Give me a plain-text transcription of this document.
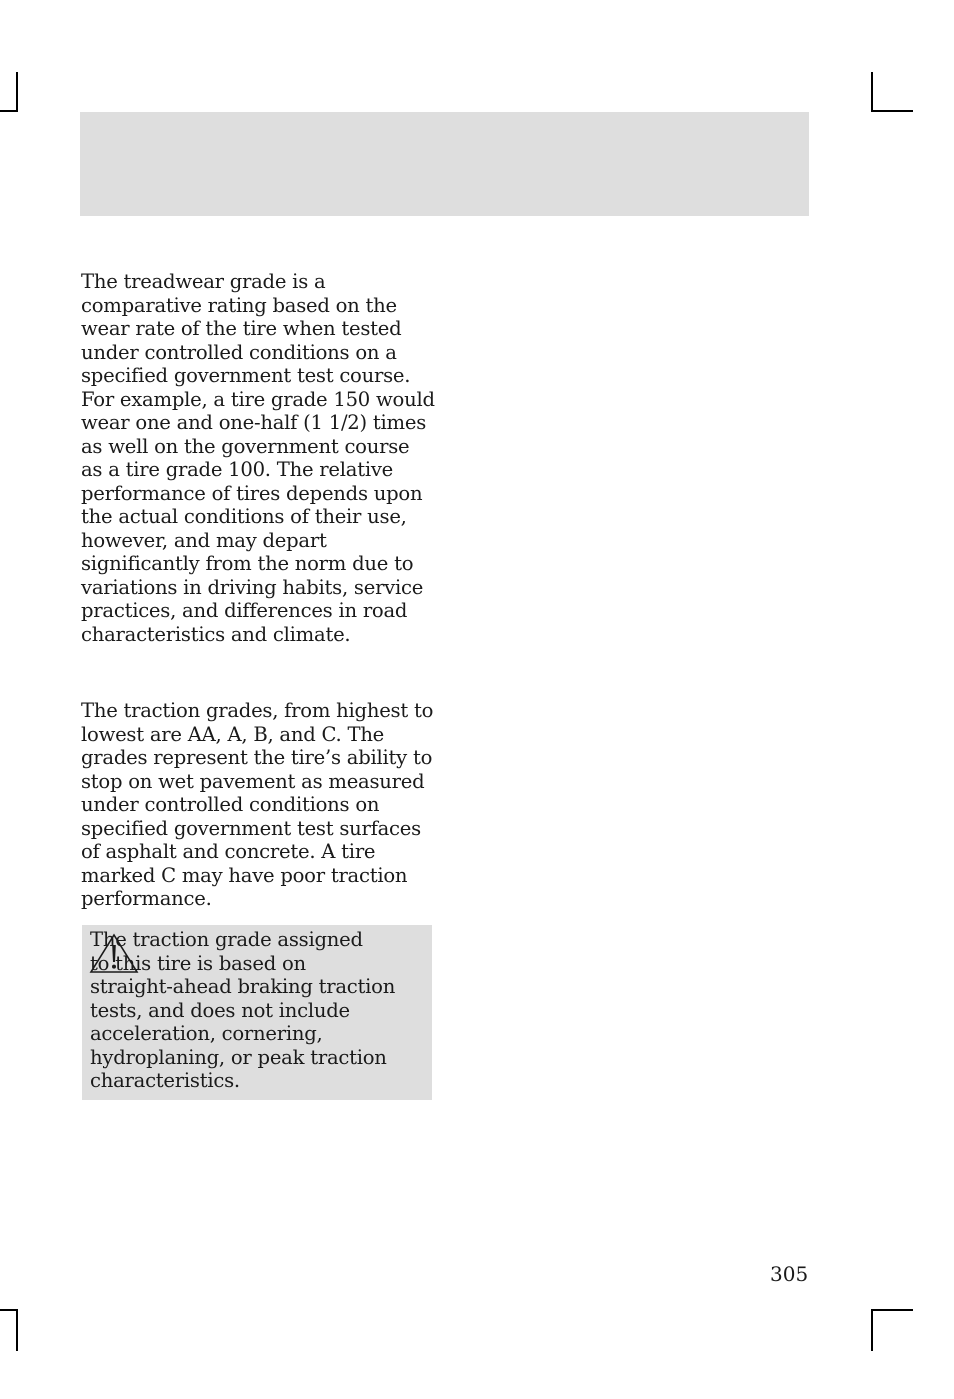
The treadwear grade is a
comparative rating based on the
wear rate of the tire when tested
under controlled conditions on a
specified government test course.
For example, a tire grade 150 would
wear one and one-half (1 1/2) times
as well on the government course
as a tire grade 100. The relative
performance of tires depends upon
the actual conditions of their use,
however, and may depart
significantly from the norm due to
variations in driving habits, service
practices, and differences in road
characteristics and climate.

The traction grades, from highest to
lowest are AA, A, B, and C. The
grades represent the tire’s ability to
stop on wet pavement as measured
under controlled conditions on
specified government test surfaces
of asphalt and concrete. A tire
marked C may have poor traction
performance.

The traction grade assigned
to this tire is based on
straight-ahead braking traction
tests, and does not include
acceleration, cornering,
hydroplaning, or peak traction
characteristics.

305
